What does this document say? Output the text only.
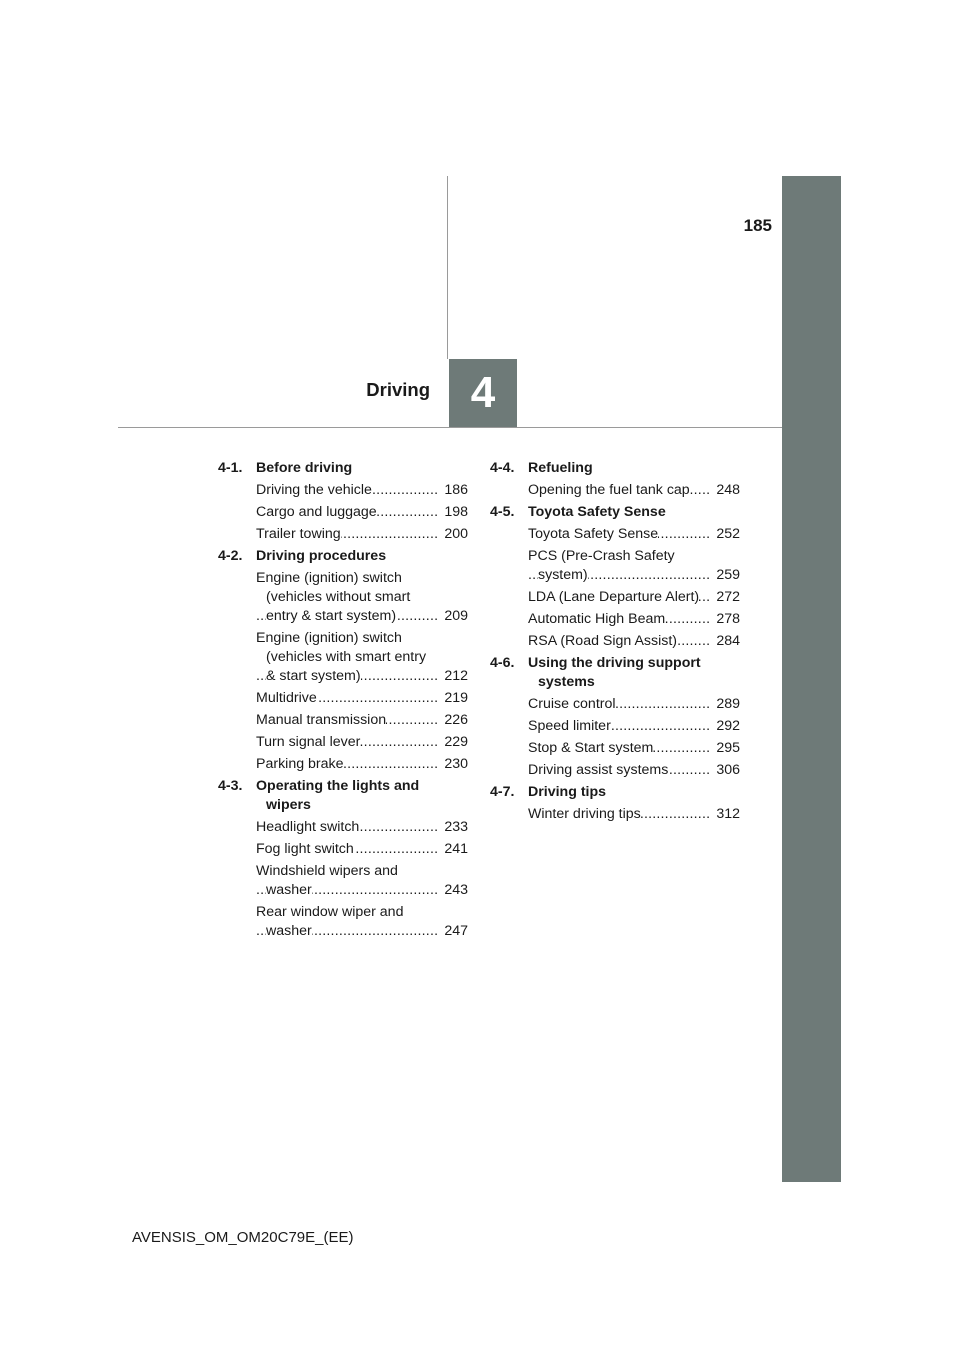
185
Driving 4
4-1. Before driving
.....
Driving the vehicle	186
.....
Cargo and luggage	198
.....
Trailer towing	200
4-2. Driving procedures
.....
Engine (ignition) switch (vehicles without smart entry & start system)	209
.....
Engine (ignition) switch (vehicles with smart entry & start system)	212
.....
Multidrive	219
.....
Manual transmission	226
.....
Turn signal lever	229
.....
Parking brake	230
4-3. Operating the lights and wipers
.....
Headlight switch	233
.....
Fog light switch	241
.....
Windshield wipers and washer	243
.....
Rear window wiper and washer	247
4-4. Refueling
.....
Opening the fuel tank cap	248
4-5. Toyota Safety Sense
.....
Toyota Safety Sense	252
.....
PCS (Pre-Crash Safety system)	259
.....
LDA (Lane Departure Alert)	272
.....
Automatic High Beam	278
.....
RSA (Road Sign Assist)	284
4-6. Using the driving support systems
.....
Cruise control	289
.....
Speed limiter	292
.....
Stop & Start system	295
.....
Driving assist systems	306
4-7. Driving tips
.....
Winter driving tips	312
AVENSIS_OM_OM20C79E_(EE)
